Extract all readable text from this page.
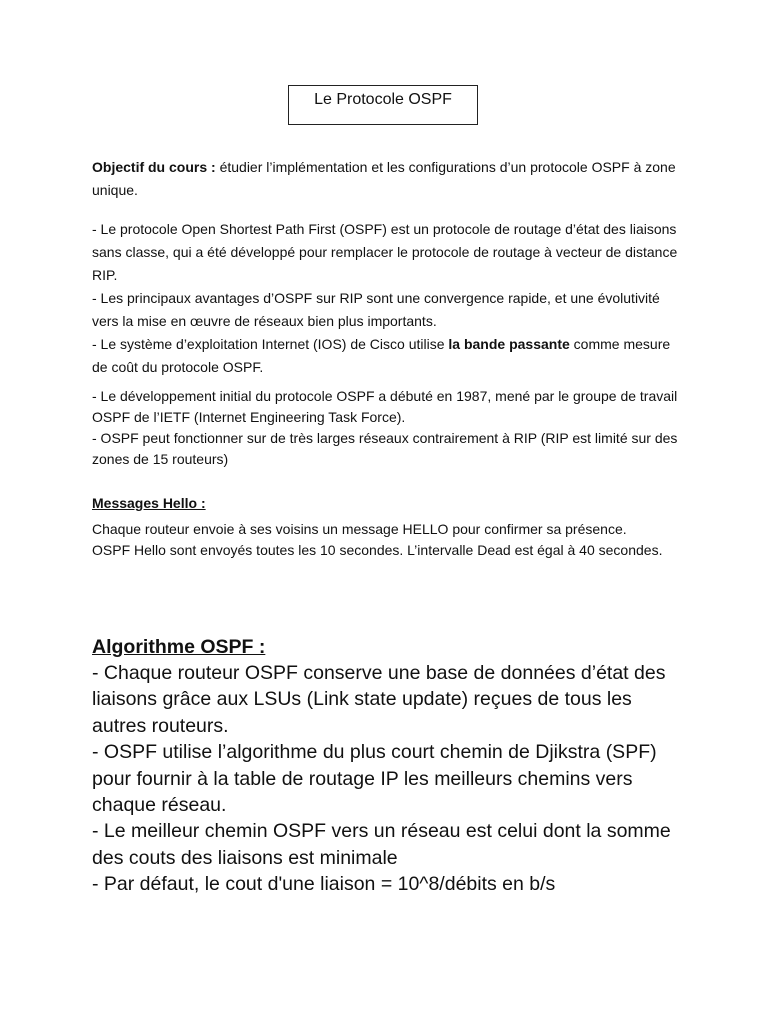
Le Protocole OSPF

Objectif du cours : étudier l’implémentation et les configurations d’un protocole OSPF à zone unique.

- Le protocole Open Shortest Path First (OSPF) est un protocole de routage d’état des liaisons sans classe, qui a été développé pour remplacer le protocole de routage à vecteur de distance RIP.

- Les principaux avantages d’OSPF sur RIP sont une convergence rapide, et une évolutivité vers la mise en œuvre de réseaux bien plus importants.

- Le système d’exploitation Internet (IOS) de Cisco utilise la bande passante comme mesure de coût du protocole OSPF.

- Le développement initial du protocole OSPF a débuté en 1987, mené par le groupe de travail OSPF de l’IETF (Internet Engineering Task Force).

- OSPF peut fonctionner sur de très larges réseaux contrairement à RIP (RIP est limité sur des zones de 15 routeurs)

Messages Hello :

Chaque routeur envoie à ses voisins un message HELLO pour confirmer sa présence.

OSPF Hello sont envoyés toutes les 10 secondes. L’intervalle Dead est égal à 40 secondes.

Algorithme OSPF :

- Chaque routeur OSPF conserve une base de données d’état des liaisons grâce aux LSUs (Link state update) reçues de tous les autres routeurs.

- OSPF utilise l’algorithme du plus court chemin de Djikstra (SPF) pour fournir à la table de routage IP les meilleurs chemins vers chaque réseau.

- Le meilleur chemin OSPF vers un réseau est celui dont la somme des couts des liaisons est minimale

- Par défaut, le cout d'une liaison = 10^8/débits en b/s
